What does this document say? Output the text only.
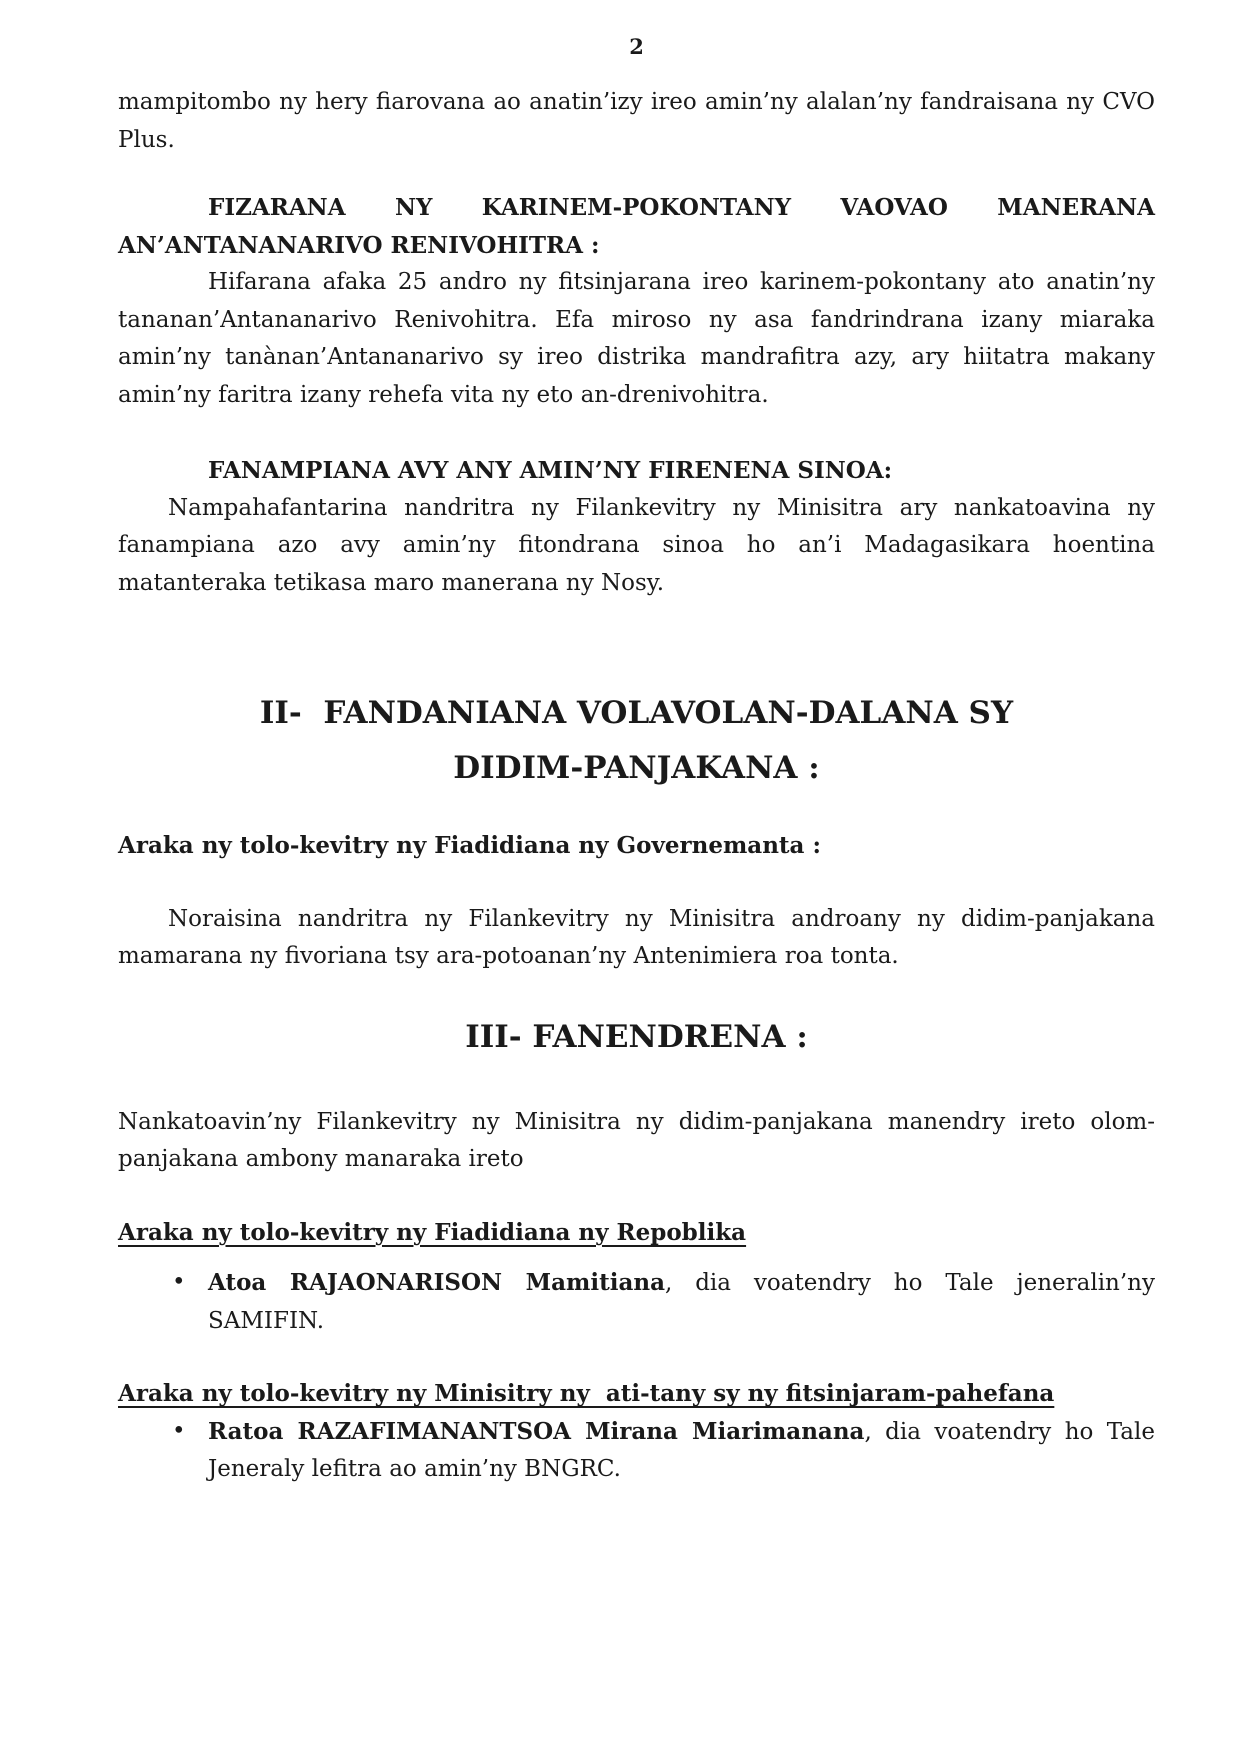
2

mampitombo ny hery fiarovana ao anatin’izy ireo amin’ny alalan’ny fandraisana ny CVO Plus.

FIZARANA NY KARINEM-POKONTANY VAOVAO MANERANA AN’ANTANANARIVO RENIVOHITRA :

Hifarana afaka 25 andro ny fitsinjarana ireo karinem-pokontany ato anatin’ny tananan’Antananarivo Renivohitra. Efa miroso ny asa fandrindrana izany miaraka amin’ny tanànan’Antananarivo sy ireo distrika mandrafitra azy, ary hiitatra makany amin’ny faritra izany rehefa vita ny eto an-drenivohitra.

FANAMPIANA AVY ANY AMIN’NY FIRENENA SINOA:

Nampahafantarina nandritra ny Filankevitry ny Minisitra ary nankatoavina ny fanampiana azo avy amin’ny fitondrana sinoa ho an’i Madagasikara hoentina matanteraka tetikasa maro manerana ny Nosy.

II-  FANDANIANA VOLAVOLAN-DALANA SY
DIDIM-PANJAKANA :

Araka ny tolo-kevitry ny Fiadidiana ny Governemanta :

Noraisina nandritra ny Filankevitry ny Minisitra androany ny didim-panjakana mamarana ny fivoriana tsy ara-potoanan’ny Antenimiera roa tonta.

III- FANENDRENA :

Nankatoavin’ny Filankevitry ny Minisitra ny didim-panjakana manendry ireto olom-panjakana ambony manaraka ireto

Araka ny tolo-kevitry ny Fiadidiana ny Repoblika

• Atoa RAJAONARISON Mamitiana, dia voatendry ho Tale jeneralin’ny SAMIFIN.

Araka ny tolo-kevitry ny Minisitry ny  ati-tany sy ny fitsinjaram-pahefana

• Ratoa RAZAFIMANANTSOA Mirana Miarimanana, dia voatendry ho Tale Jeneraly lefitra ao amin’ny BNGRC.
